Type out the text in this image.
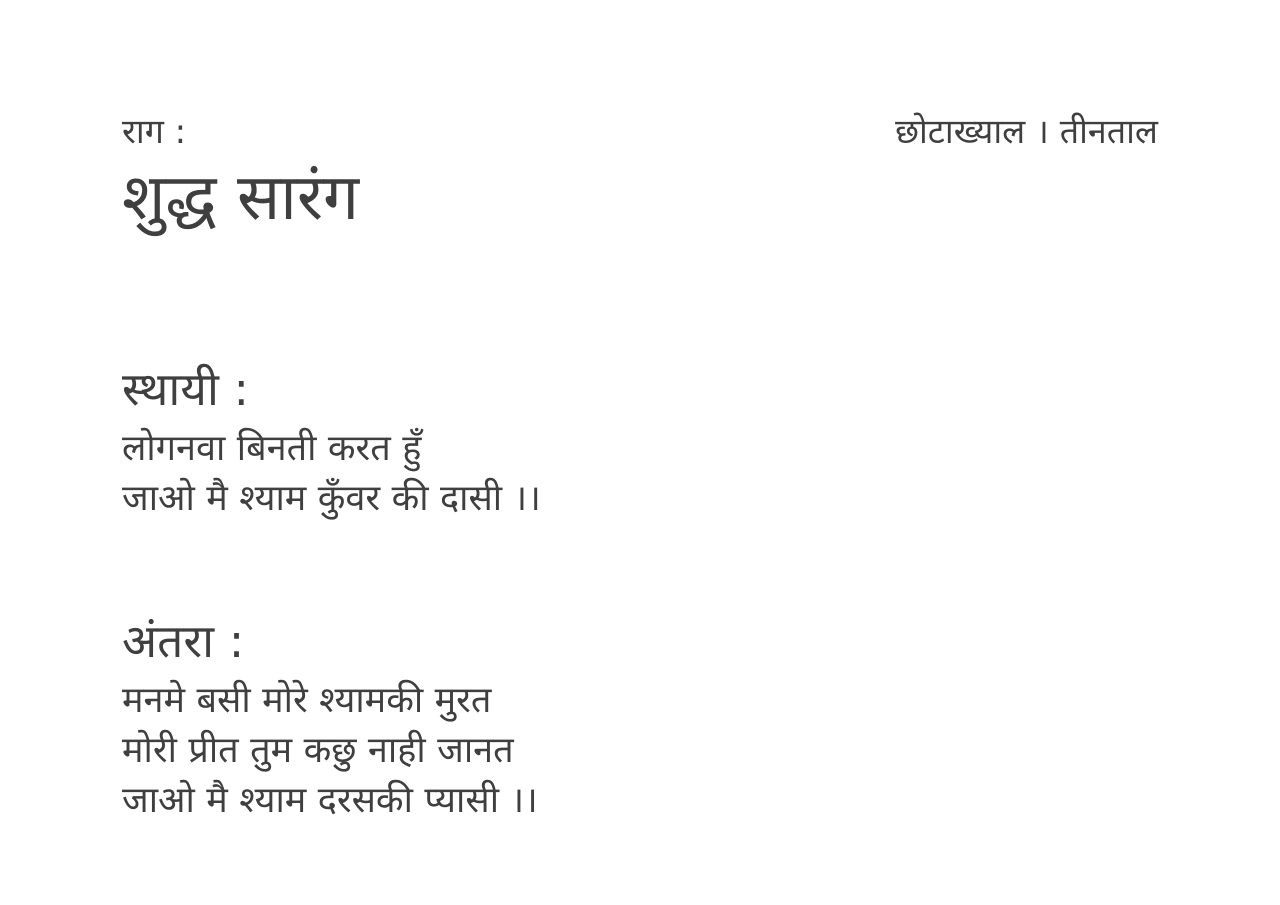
राग :
शुद्ध सारंग
छोटाख्याल । तीनताल
स्थायी :
लोगनवा बिनती करत हुँ
जाओ मै श्याम कुँवर की दासी ।।
अंतरा :
मनमे बसी मोरे श्यामकी मुरत
मोरी प्रीत तुम कछु नाही जानत
जाओ मै श्याम दरसकी प्यासी ।।
